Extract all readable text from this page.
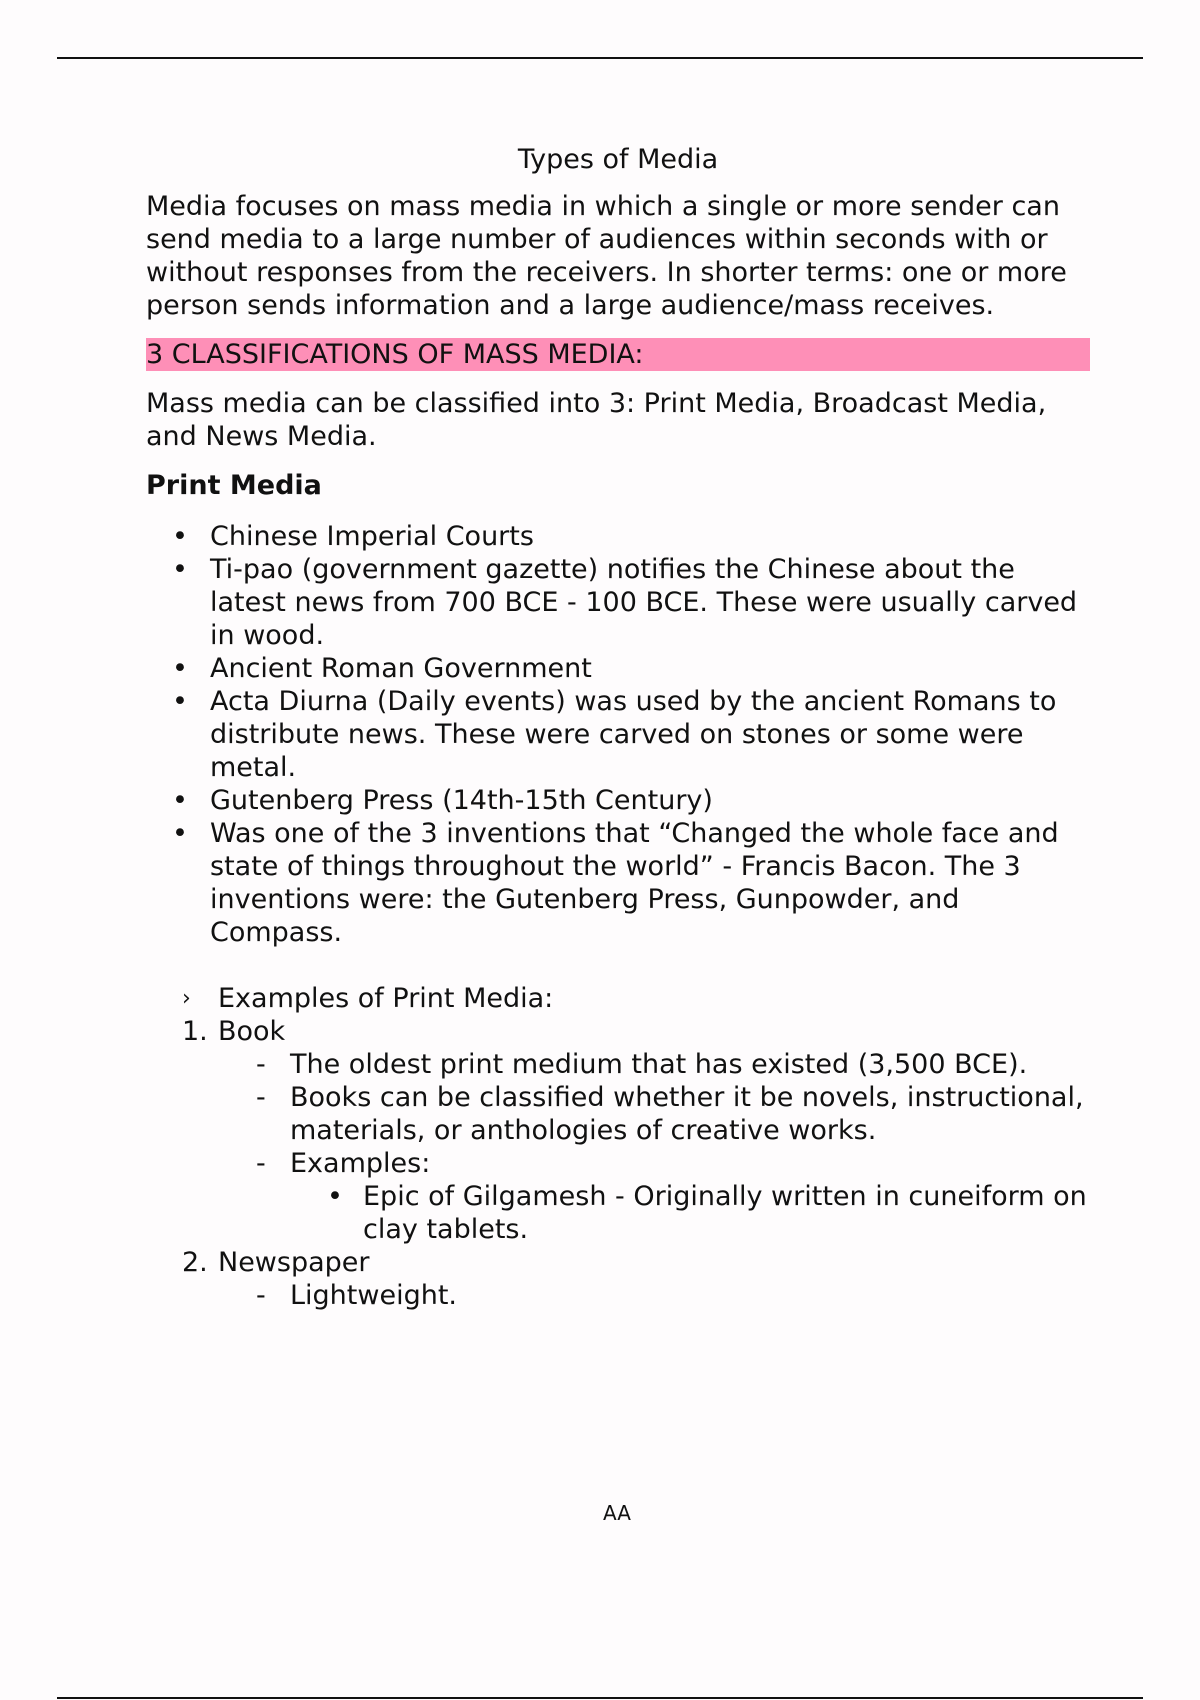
Types of Media

Media focuses on mass media in which a single or more sender can send media to a large number of audiences within seconds with or without responses from the receivers. In shorter terms: one or more person sends information and a large audience/mass receives.

3 CLASSIFICATIONS OF MASS MEDIA:

Mass media can be classified into 3: Print Media, Broadcast Media, and News Media.

Print Media
• Chinese Imperial Courts
• Ti-pao (government gazette) notifies the Chinese about the latest news from 700 BCE - 100 BCE. These were usually carved in wood.
• Ancient Roman Government
• Acta Diurna (Daily events) was used by the ancient Romans to distribute news. These were carved on stones or some were metal.
• Gutenberg Press (14th-15th Century)
• Was one of the 3 inventions that “Changed the whole face and state of things throughout the world” - Francis Bacon. The 3 inventions were: the Gutenberg Press, Gunpowder, and Compass.
› Examples of Print Media:
1. Book
- The oldest print medium that has existed (3,500 BCE).
- Books can be classified whether it be novels, instructional, materials, or anthologies of creative works.
- Examples:
• Epic of Gilgamesh - Originally written in cuneiform on clay tablets.
2. Newspaper
- Lightweight.
AA
